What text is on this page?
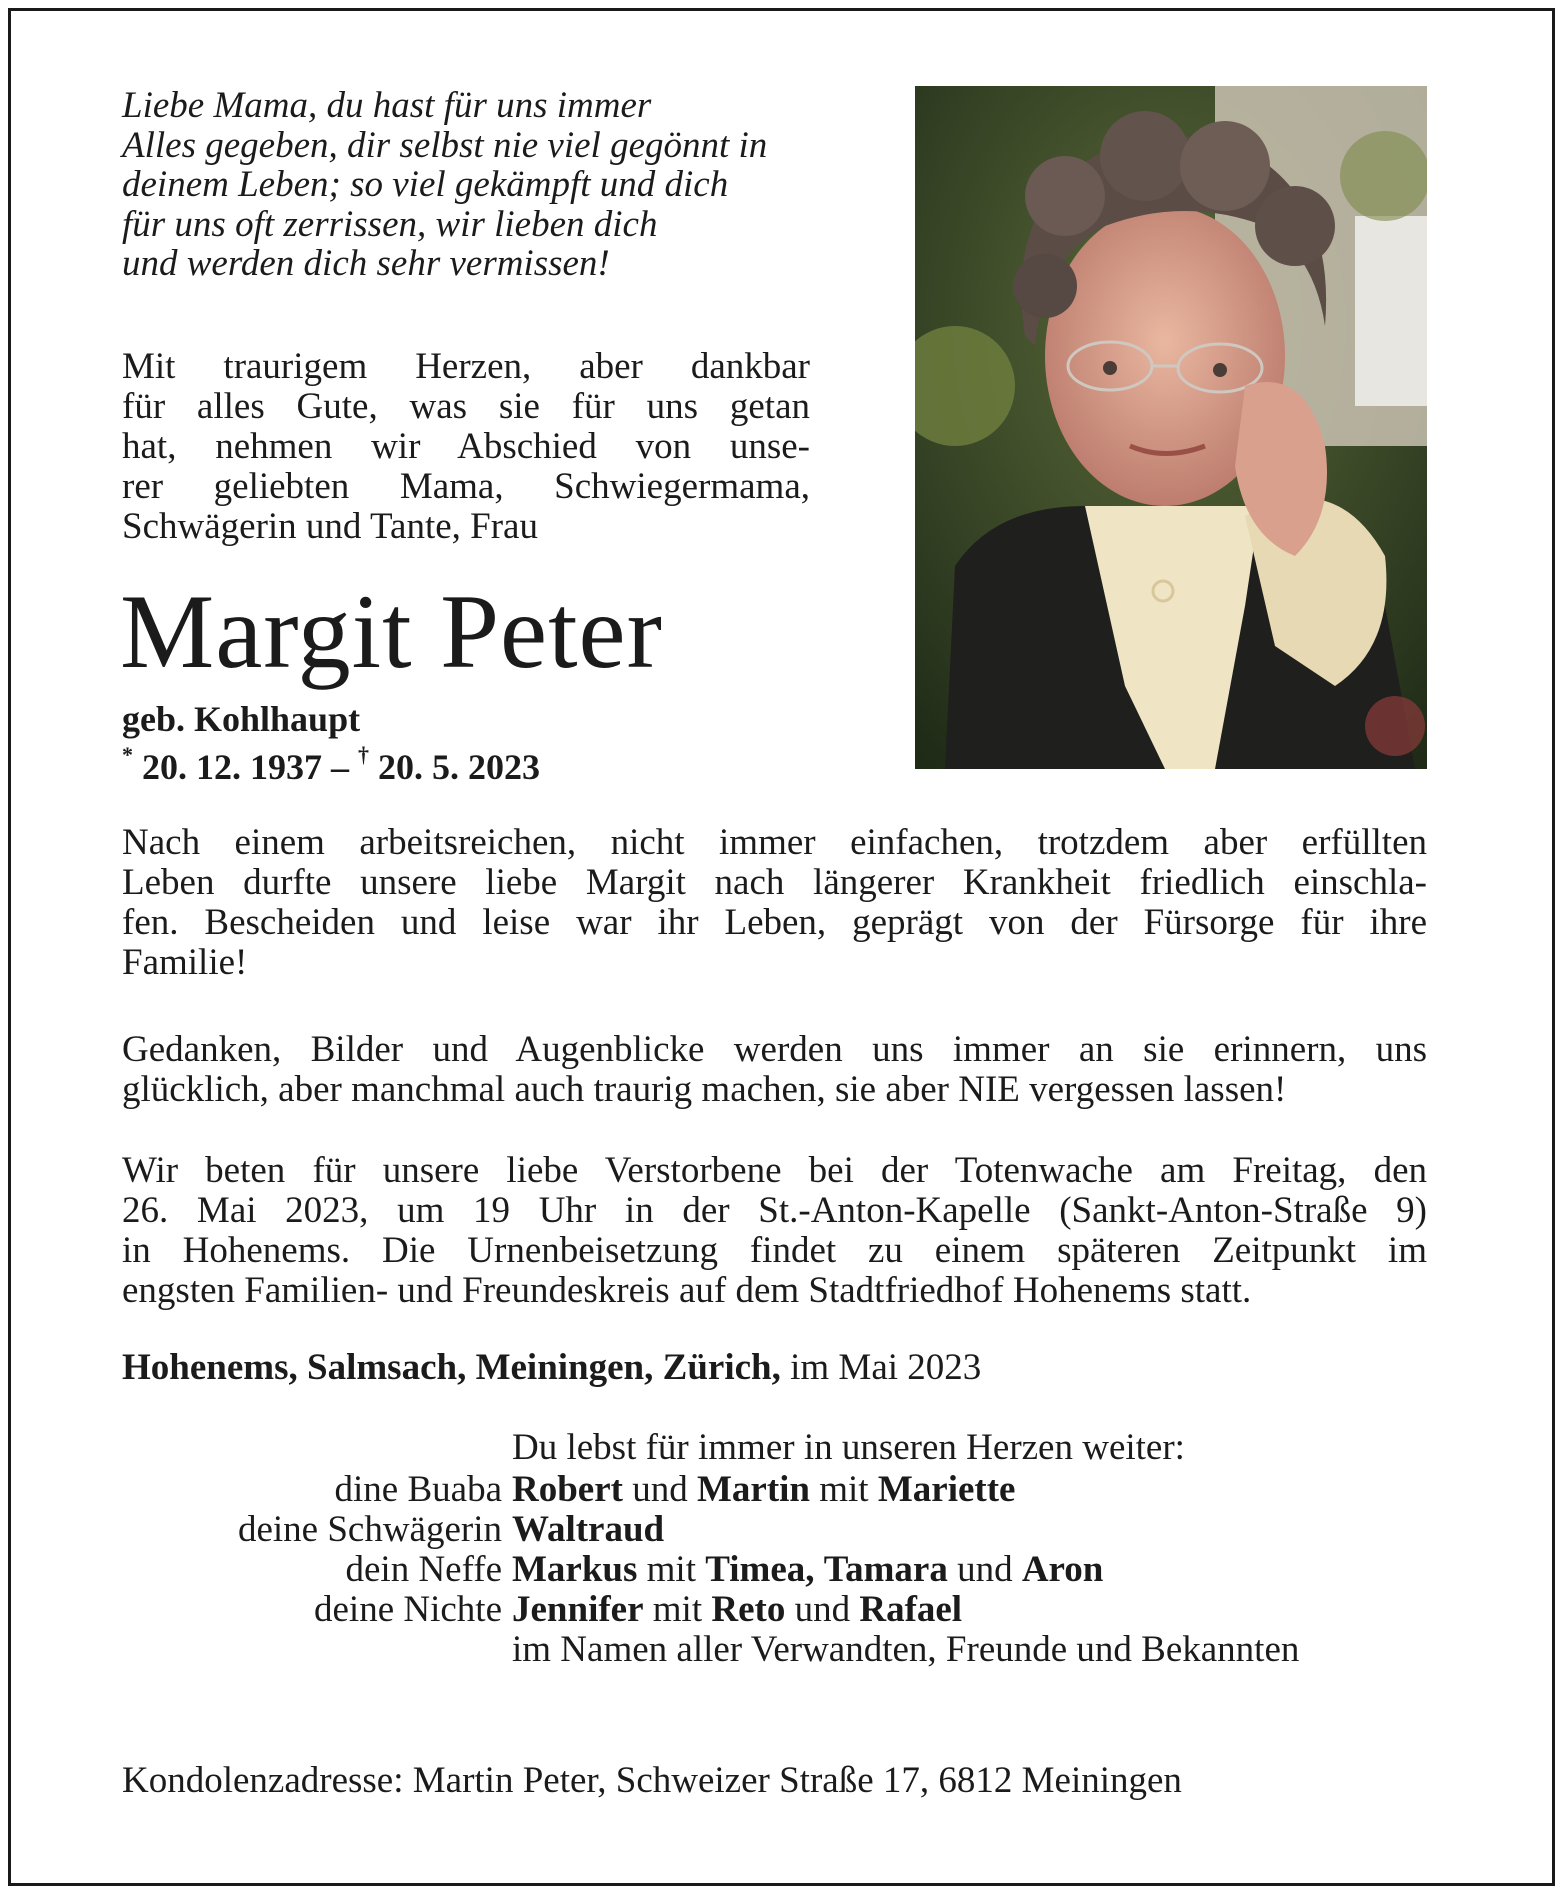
Liebe Mama, du hast für uns immer
Alles gegeben, dir selbst nie viel gegönnt in
deinem Leben; so viel gekämpft und dich
für uns oft zerrissen, wir lieben dich
und werden dich sehr vermissen!
Mit traurigem Herzen, aber dankbar
für alles Gute, was sie für uns getan
hat, nehmen wir Abschied von unse-
rer geliebten Mama, Schwiegermama,
Schwägerin und Tante, Frau
Margit Peter
geb. Kohlhaupt
* 20. 12. 1937 – † 20. 5. 2023
Nach einem arbeitsreichen, nicht immer einfachen, trotzdem aber erfüllten
Leben durfte unsere liebe Margit nach längerer Krankheit friedlich einschla-
fen. Bescheiden und leise war ihr Leben, geprägt von der Fürsorge für ihre
Familie!
Gedanken, Bilder und Augenblicke werden uns immer an sie erinnern, uns
glücklich, aber manchmal auch traurig machen, sie aber NIE vergessen lassen!
Wir beten für unsere liebe Verstorbene bei der Totenwache am Freitag, den
26. Mai 2023, um 19 Uhr in der St.-Anton-Kapelle (Sankt-Anton-Straße 9)
in Hohenems. Die Urnenbeisetzung findet zu einem späteren Zeitpunkt im
engsten Familien- und Freundeskreis auf dem Stadtfriedhof Hohenems statt.
Hohenems, Salmsach, Meiningen, Zürich, im Mai 2023
Du lebst für immer in unseren Herzen weiter:
dine Buaba Robert und Martin mit Mariette
deine Schwägerin Waltraud
dein Neffe Markus mit Timea, Tamara und Aron
deine Nichte Jennifer mit Reto und Rafael
im Namen aller Verwandten, Freunde und Bekannten
Kondolenzadresse: Martin Peter, Schweizer Straße 17, 6812 Meiningen
